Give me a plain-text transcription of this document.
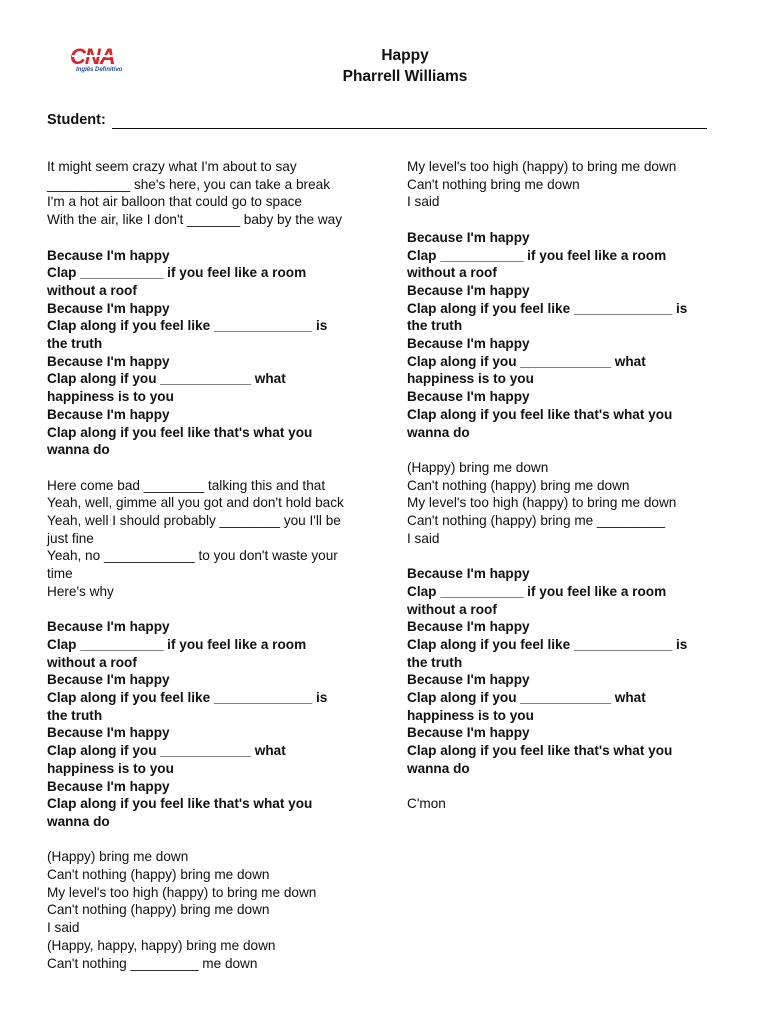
CNA
Inglês Definitivo
Happy
Pharrell Williams
Student:
It might seem crazy what I'm about to say
___________ she's here, you can take a break
I'm a hot air balloon that could go to space
With the air, like I don't _______ baby by the way
Because I'm happy
Clap ___________ if you feel like a room
without a roof
Because I'm happy
Clap along if you feel like _____________ is
the truth
Because I'm happy
Clap along if you ____________ what
happiness is to you
Because I'm happy
Clap along if you feel like that's what you
wanna do
Here come bad ________ talking this and that
Yeah, well, gimme all you got and don't hold back
Yeah, well I should probably ________ you I'll be
just fine
Yeah, no ____________ to you don't waste your
time
Here's why
Because I'm happy
Clap ___________ if you feel like a room
without a roof
Because I'm happy
Clap along if you feel like _____________ is
the truth
Because I'm happy
Clap along if you ____________ what
happiness is to you
Because I'm happy
Clap along if you feel like that's what you
wanna do
(Happy) bring me down
Can't nothing (happy) bring me down
My level's too high (happy) to bring me down
Can't nothing (happy) bring me down
I said
(Happy, happy, happy) bring me down
Can't nothing _________ me down
My level's too high (happy) to bring me down
Can't nothing bring me down
I said
Because I'm happy
Clap ___________ if you feel like a room
without a roof
Because I'm happy
Clap along if you feel like _____________ is
the truth
Because I'm happy
Clap along if you ____________ what
happiness is to you
Because I'm happy
Clap along if you feel like that's what you
wanna do
(Happy) bring me down
Can't nothing (happy) bring me down
My level's too high (happy) to bring me down
Can't nothing (happy) bring me _________
I said
Because I'm happy
Clap ___________ if you feel like a room
without a roof
Because I'm happy
Clap along if you feel like _____________ is
the truth
Because I'm happy
Clap along if you ____________ what
happiness is to you
Because I'm happy
Clap along if you feel like that's what you
wanna do
C'mon
